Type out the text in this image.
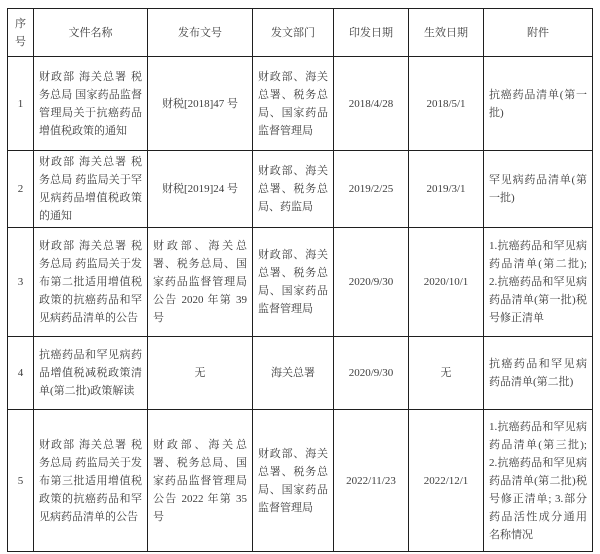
序号	文件名称	发布文号	发文部门	印发日期	生效日期	附件
1	财政部 海关总署 税务总局 国家药品监督管理局关于抗癌药品增值税政策的通知	财税[2018]47 号	财政部、海关总署、税务总局、国家药品监督管理局	2018/4/28	2018/5/1	抗癌药品清单(第一批)
2	财政部 海关总署 税务总局 药监局关于罕见病药品增值税政策的通知	财税[2019]24 号	财政部、海关总署、税务总局、药监局	2019/2/25	2019/3/1	罕见病药品清单(第一批)
3	财政部 海关总署 税务总局 药监局关于发布第二批适用增值税政策的抗癌药品和罕见病药品清单的公告	财政部、海关总署、税务总局、国家药品监督管理局公告 2020 年第 39 号	财政部、海关总署、税务总局、国家药品监督管理局	2020/9/30	2020/10/1	1.抗癌药品和罕见病药品清单(第二批); 2.抗癌药品和罕见病药品清单(第一批)税号修正清单
4	抗癌药品和罕见病药品增值税减税政策清单(第二批)政策解读	无	海关总署	2020/9/30	无	抗癌药品和罕见病药品清单(第二批)
5	财政部 海关总署 税务总局 药监局关于发布第三批适用增值税政策的抗癌药品和罕见病药品清单的公告	财政部、海关总署、税务总局、国家药品监督管理局公告 2022 年第 35 号	财政部、海关总署、税务总局、国家药品监督管理局	2022/11/23	2022/12/1	1.抗癌药品和罕见病药品清单(第三批); 2.抗癌药品和罕见病药品清单(第二批)税号修正清单; 3.部分药品活性成分通用名称情况
